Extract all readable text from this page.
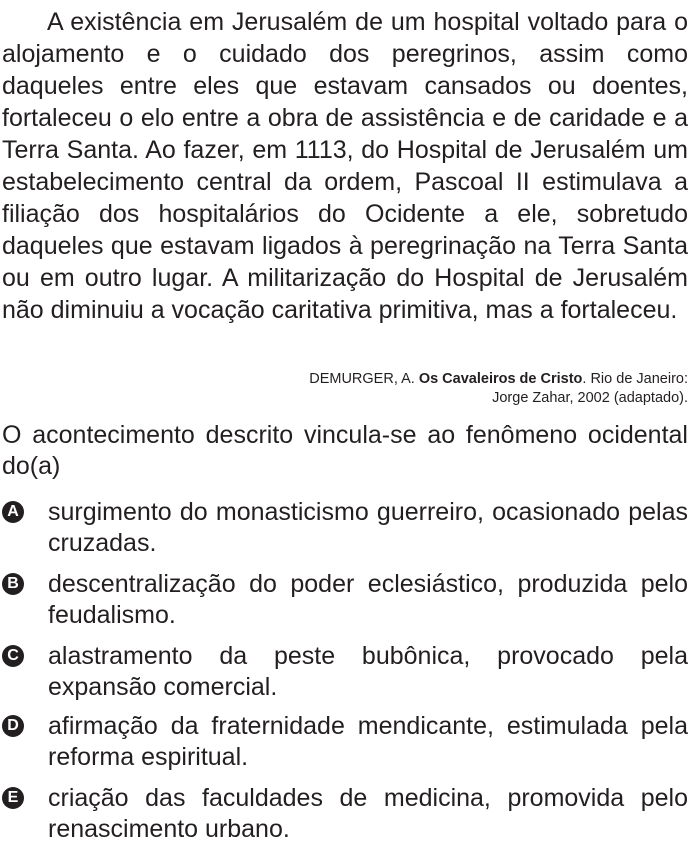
A existência em Jerusalém de um hospital voltado para o alojamento e o cuidado dos peregrinos, assim como daqueles entre eles que estavam cansados ou doentes, fortaleceu o elo entre a obra de assistência e de caridade e a Terra Santa. Ao fazer, em 1113, do Hospital de Jerusalém um estabelecimento central da ordem, Pascoal II estimulava a filiação dos hospitalários do Ocidente a ele, sobretudo daqueles que estavam ligados à peregrinação na Terra Santa ou em outro lugar. A militarização do Hospital de Jerusalém não diminuiu a vocação caritativa primitiva, mas a fortaleceu.

DEMURGER, A. Os Cavaleiros de Cristo. Rio de Janeiro:
Jorge Zahar, 2002 (adaptado).

O acontecimento descrito vincula-se ao fenômeno ocidental do(a)

A surgimento do monasticismo guerreiro, ocasionado pelas cruzadas.
B descentralização do poder eclesiástico, produzida pelo feudalismo.
C alastramento da peste bubônica, provocado pela expansão comercial.
D afirmação da fraternidade mendicante, estimulada pela reforma espiritual.
E criação das faculdades de medicina, promovida pelo renascimento urbano.
